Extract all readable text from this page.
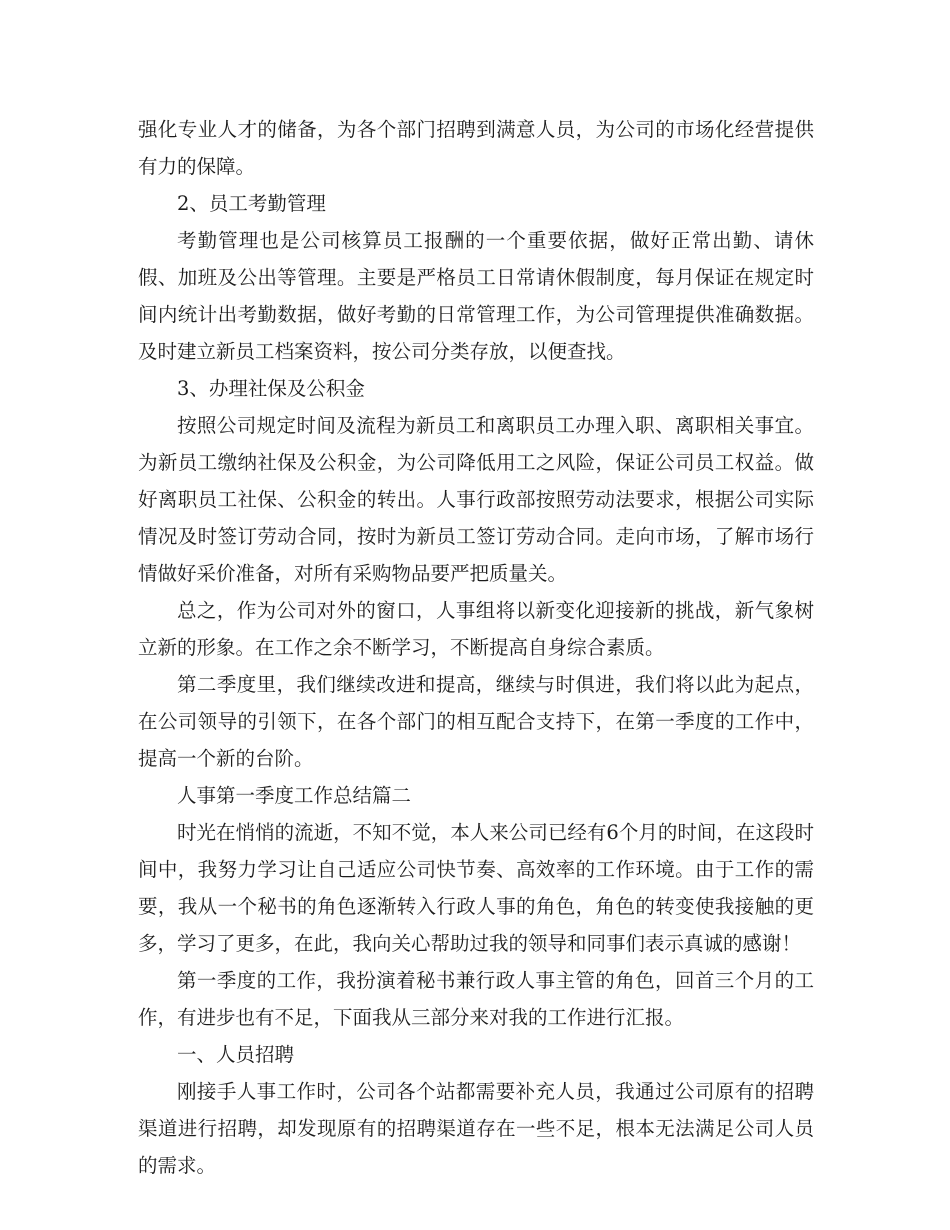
强化专业人才的储备，为各个部门招聘到满意人员，为公司的市场化经营提供有力的保障。

2、员工考勤管理

考勤管理也是公司核算员工报酬的一个重要依据，做好正常出勤、请休假、加班及公出等管理。主要是严格员工日常请休假制度，每月保证在规定时间内统计出考勤数据，做好考勤的日常管理工作，为公司管理提供准确数据。及时建立新员工档案资料，按公司分类存放，以便查找。

3、办理社保及公积金

按照公司规定时间及流程为新员工和离职员工办理入职、离职相关事宜。为新员工缴纳社保及公积金，为公司降低用工之风险，保证公司员工权益。做好离职员工社保、公积金的转出。人事行政部按照劳动法要求，根据公司实际情况及时签订劳动合同，按时为新员工签订劳动合同。走向市场，了解市场行情做好采价准备，对所有采购物品要严把质量关。

总之，作为公司对外的窗口，人事组将以新变化迎接新的挑战，新气象树立新的形象。在工作之余不断学习，不断提高自身综合素质。

第二季度里，我们继续改进和提高，继续与时俱进，我们将以此为起点，在公司领导的引领下，在各个部门的相互配合支持下，在第一季度的工作中，提高一个新的台阶。

人事第一季度工作总结篇二

时光在悄悄的流逝，不知不觉，本人来公司已经有6个月的时间，在这段时间中，我努力学习让自己适应公司快节奏、高效率的工作环境。由于工作的需要，我从一个秘书的角色逐渐转入行政人事的角色，角色的转变使我接触的更多，学习了更多，在此，我向关心帮助过我的领导和同事们表示真诚的感谢！

第一季度的工作，我扮演着秘书兼行政人事主管的角色，回首三个月的工作，有进步也有不足，下面我从三部分来对我的工作进行汇报。

一、人员招聘

刚接手人事工作时，公司各个站都需要补充人员，我通过公司原有的招聘渠道进行招聘，却发现原有的招聘渠道存在一些不足，根本无法满足公司人员的需求。
